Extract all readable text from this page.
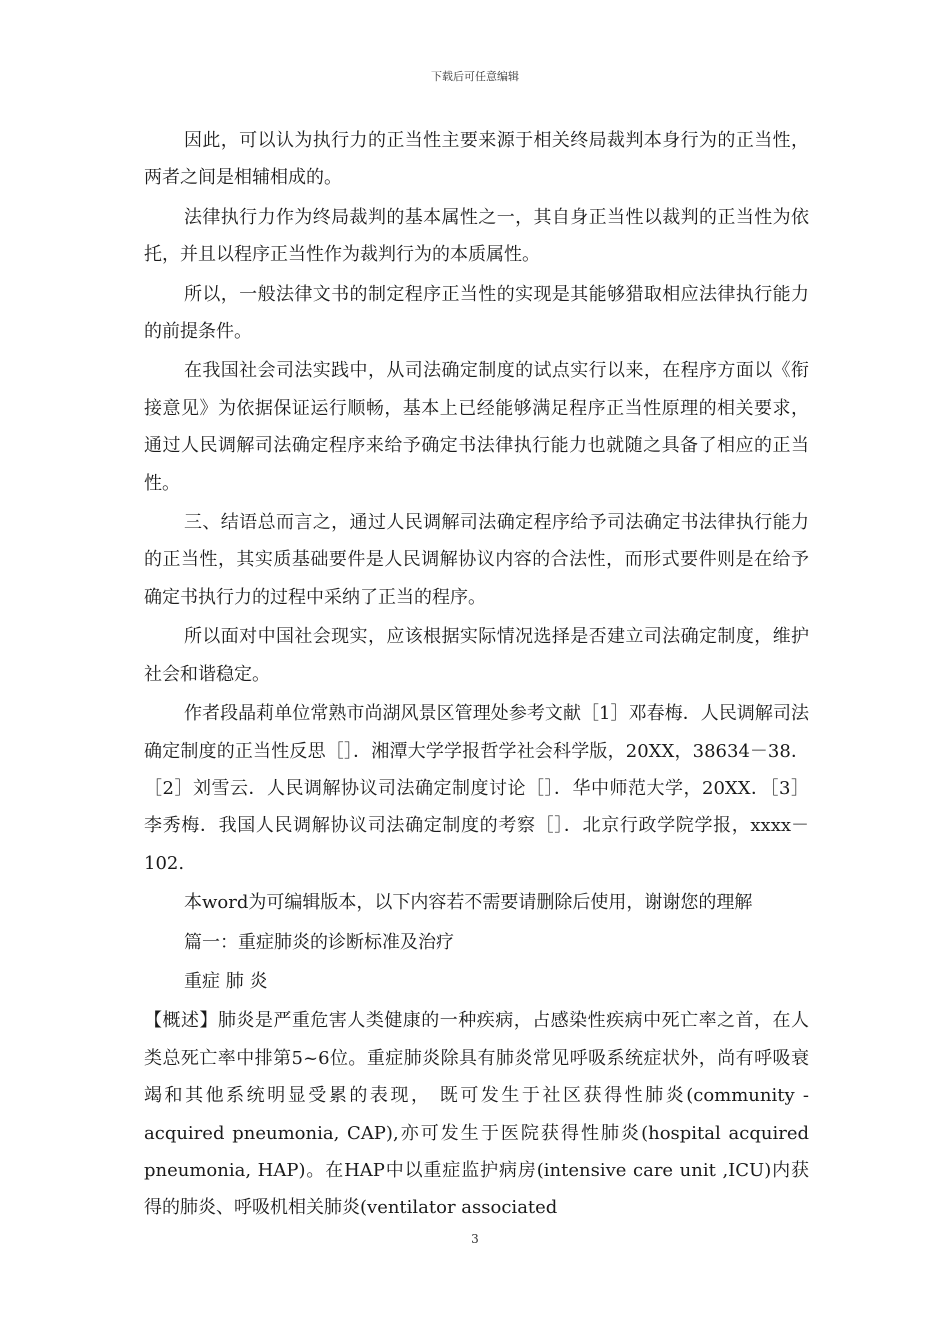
下载后可任意编辑

因此，可以认为执行力的正当性主要来源于相关终局裁判本身行为的正当性，两者之间是相辅相成的。

法律执行力作为终局裁判的基本属性之一，其自身正当性以裁判的正当性为依托，并且以程序正当性作为裁判行为的本质属性。

所以，一般法律文书的制定程序正当性的实现是其能够猎取相应法律执行能力的前提条件。

在我国社会司法实践中，从司法确定制度的试点实行以来，在程序方面以《衔接意见》为依据保证运行顺畅，基本上已经能够满足程序正当性原理的相关要求，通过人民调解司法确定程序来给予确定书法律执行能力也就随之具备了相应的正当性。

三、结语总而言之，通过人民调解司法确定程序给予司法确定书法律执行能力的正当性，其实质基础要件是人民调解协议内容的合法性，而形式要件则是在给予确定书执行力的过程中采纳了正当的程序。

所以面对中国社会现实，应该根据实际情况选择是否建立司法确定制度，维护社会和谐稳定。

作者段晶莉单位常熟市尚湖风景区管理处参考文献［1］邓春梅．人民调解司法确定制度的正当性反思［］．湘潭大学学报哲学社会科学版，20XX，38634－38．［2］刘雪云．人民调解协议司法确定制度讨论［］．华中师范大学，20XX．［3］李秀梅．我国人民调解协议司法确定制度的考察［］．北京行政学院学报，xxxx－102.

本word为可编辑版本，以下内容若不需要请删除后使用，谢谢您的理解

篇一：重症肺炎的诊断标准及治疗

重症 肺 炎

【概述】肺炎是严重危害人类健康的一种疾病，占感染性疾病中死亡率之首，在人类总死亡率中排第5~6位。重症肺炎除具有肺炎常见呼吸系统症状外，尚有呼吸衰竭和其他系统明显受累的表现， 既可发生于社区获得性肺炎(community -acquired pneumonia, CAP),亦可发生于医院获得性肺炎(hospital acquired pneumonia, HAP)。在HAP中以重症监护病房(intensive care unit ,ICU)内获得的肺炎、呼吸机相关肺炎(ventilator associated

3
